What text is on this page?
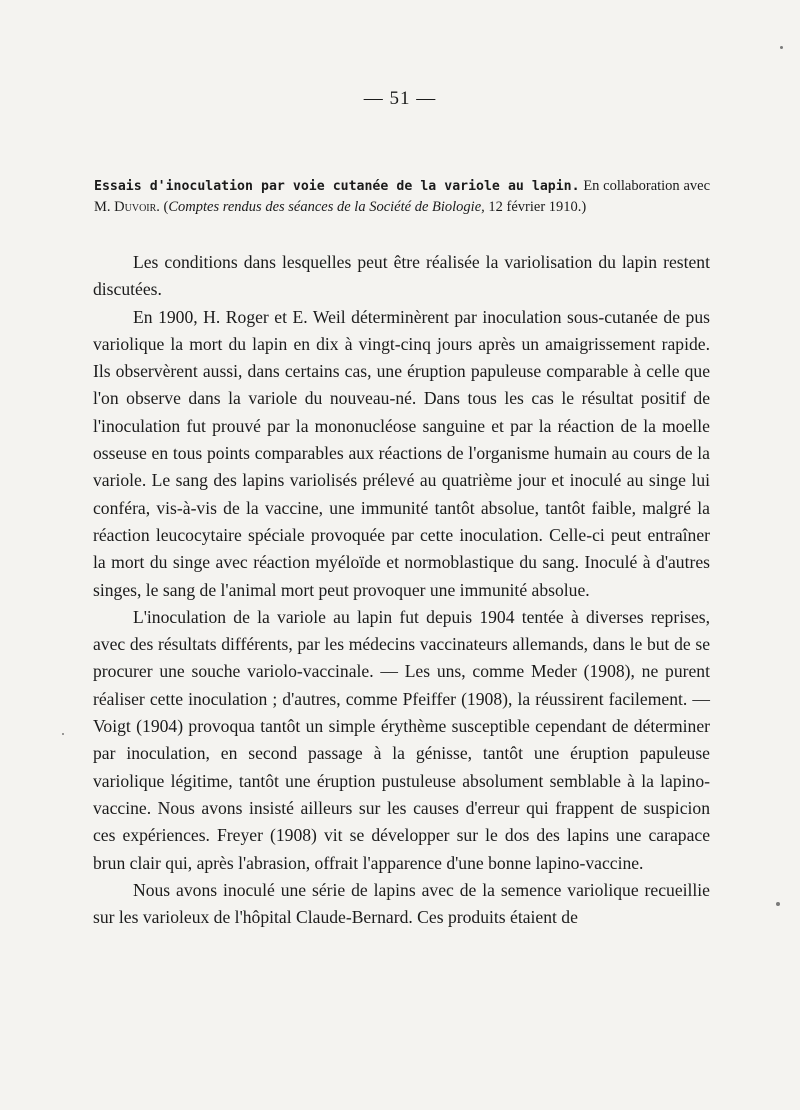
— 51 —
Essais d'inoculation par voie cutanée de la variole au lapin. En collaboration avec M. Duvoir. (Comptes rendus des séances de la Société de Biologie, 12 février 1910.)

Les conditions dans lesquelles peut être réalisée la variolisation du lapin restent discutées.

En 1900, H. Roger et E. Weil déterminèrent par inoculation sous-cutanée de pus variolique la mort du lapin en dix à vingt-cinq jours après un amaigrissement rapide. Ils observèrent aussi, dans certains cas, une éruption papuleuse comparable à celle que l'on observe dans la variole du nouveau-né. Dans tous les cas le résultat positif de l'inoculation fut prouvé par la mononucléose sanguine et par la réaction de la moelle osseuse en tous points comparables aux réactions de l'organisme humain au cours de la variole. Le sang des lapins variolisés prélevé au quatrième jour et inoculé au singe lui conféra, vis-à-vis de la vaccine, une immunité tantôt absolue, tantôt faible, malgré la réaction leucocytaire spéciale provoquée par cette inoculation. Celle-ci peut entraîner la mort du singe avec réaction myéloïde et normoblastique du sang. Inoculé à d'autres singes, le sang de l'animal mort peut provoquer une immunité absolue.

L'inoculation de la variole au lapin fut depuis 1904 tentée à diverses reprises, avec des résultats différents, par les médecins vaccinateurs allemands, dans le but de se procurer une souche variolo-vaccinale. — Les uns, comme Meder (1908), ne purent réaliser cette inoculation ; d'autres, comme Pfeiffer (1908), la réussirent facilement. — Voigt (1904) provoqua tantôt un simple érythème susceptible cependant de déterminer par inoculation, en second passage à la génisse, tantôt une éruption papuleuse variolique légitime, tantôt une éruption pustuleuse absolument semblable à la lapino-vaccine. Nous avons insisté ailleurs sur les causes d'erreur qui frappent de suspicion ces expériences. Freyer (1908) vit se développer sur le dos des lapins une carapace brun clair qui, après l'abrasion, offrait l'apparence d'une bonne lapino-vaccine.

Nous avons inoculé une série de lapins avec de la semence variolique recueillie sur les varioleux de l'hôpital Claude-Bernard. Ces produits étaient de
